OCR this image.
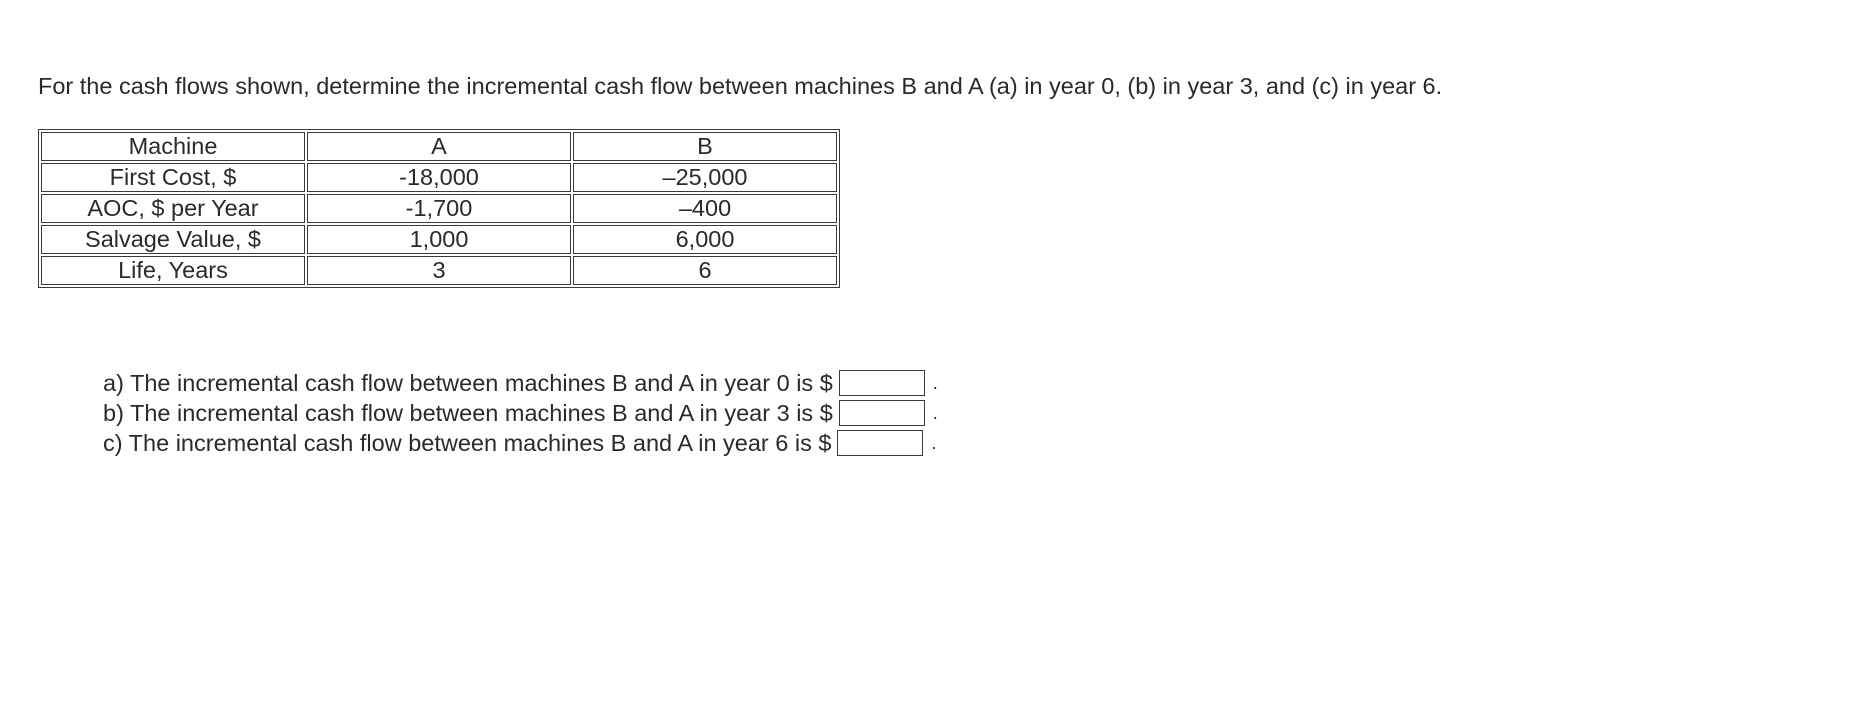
For the cash flows shown, determine the incremental cash flow between machines B and A (a) in year 0, (b) in year 3, and (c) in year 6.

Machine	A	B
First Cost, $	-18,000	–25,000
AOC, $ per Year	-1,700	–400
Salvage Value, $	1,000	6,000
Life, Years	3	6
a) The incremental cash flow between machines B and A in year 0 is $	.
b) The incremental cash flow between machines B and A in year 3 is $	.
c) The incremental cash flow between machines B and A in year 6 is $	.
